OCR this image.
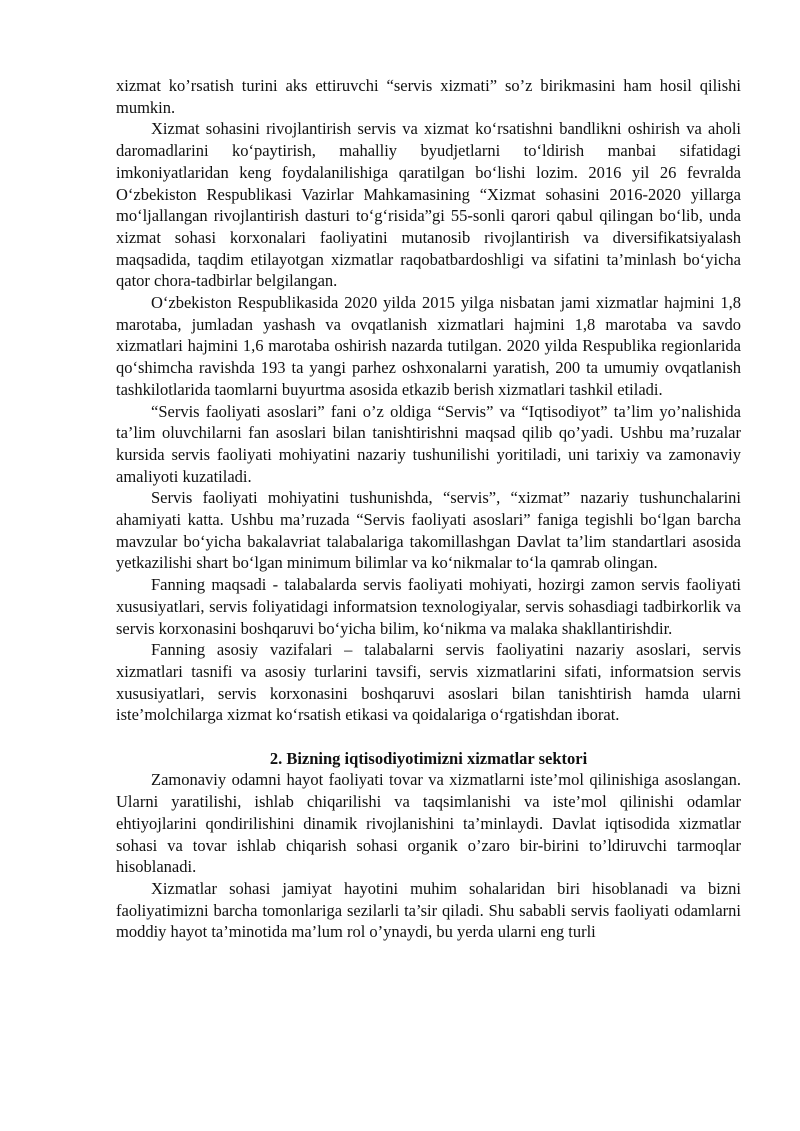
xizmat ko’rsatish turini aks ettiruvchi “servis xizmati” so’z birikmasini ham hosil qilishi mumkin.

Xizmat sohasini rivojlantirish servis va xizmat ko‘rsatishni bandlikni oshirish va aholi daromadlarini ko‘paytirish, mahalliy byudjetlarni to‘ldirish manbai sifatidagi imkoniyatlaridan keng foydalanilishiga qaratilgan bo‘lishi lozim. 2016 yil 26 fevralda O‘zbekiston Respublikasi Vazirlar Mahkamasining “Xizmat sohasini 2016-2020 yillarga mo‘ljallangan rivojlantirish dasturi to‘g‘risida”gi 55-sonli qarori qabul qilingan bo‘lib, unda xizmat sohasi korxonalari faoliyatini mutanosib rivojlantirish va diversifikatsiyalash maqsadida, taqdim etilayotgan xizmatlar raqobatbardoshligi va sifatini ta’minlash bo‘yicha qator chora-tadbirlar belgilangan.

O‘zbekiston Respublikasida 2020 yilda 2015 yilga nisbatan jami xizmatlar hajmini 1,8 marotaba, jumladan yashash va ovqatlanish xizmatlari hajmini 1,8 marotaba va savdo xizmatlari hajmini 1,6 marotaba oshirish nazarda tutilgan. 2020 yilda Respublika regionlarida qo‘shimcha ravishda 193 ta yangi parhez oshxonalarni yaratish, 200 ta umumiy ovqatlanish tashkilotlarida taomlarni buyurtma asosida etkazib berish xizmatlari tashkil etiladi.

“Servis faoliyati asoslari” fani o’z oldiga “Servis” va “Iqtisodiyot” ta’lim yo’nalishida ta’lim oluvchilarni fan asoslari bilan tanishtirishni maqsad qilib qo’yadi. Ushbu ma’ruzalar kursida servis faoliyati mohiyatini nazariy tushunilishi yoritiladi, uni tarixiy va zamonaviy amaliyoti kuzatiladi.

Servis faoliyati mohiyatini tushunishda, “servis”, “xizmat” nazariy tushunchalarini ahamiyati katta. Ushbu ma’ruzada “Servis faoliyati asoslari” faniga tegishli bo‘lgan barcha mavzular bo‘yicha bakalavriat talabalariga takomillashgan Davlat ta’lim standartlari asosida yetkazilishi shart bo‘lgan minimum bilimlar va ko‘nikmalar to‘la qamrab olingan.

Fanning maqsadi - talabalarda servis faoliyati mohiyati, hozirgi zamon servis faoliyati xususiyatlari, servis foliyatidagi informatsion texnologiyalar, servis sohasdiagi tadbirkorlik va servis korxonasini boshqaruvi bo‘yicha bilim, ko‘nikma va malaka shakllantirishdir.

Fanning asosiy vazifalari – talabalarni servis faoliyatini nazariy asoslari, servis xizmatlari tasnifi va asosiy turlarini tavsifi, servis xizmatlarini sifati, informatsion servis xususiyatlari, servis korxonasini boshqaruvi asoslari bilan tanishtirish hamda ularni iste’molchilarga xizmat ko‘rsatish etikasi va qoidalariga o‘rgatishdan iborat.

2. Bizning iqtisodiyotimizni xizmatlar sektori

Zamonaviy odamni hayot faoliyati tovar va xizmatlarni iste’mol qilinishiga asoslangan. Ularni yaratilishi, ishlab chiqarilishi va taqsimlanishi va iste’mol qilinishi odamlar ehtiyojlarini qondirilishini dinamik rivojlanishini ta’minlaydi. Davlat iqtisodida xizmatlar sohasi va tovar ishlab chiqarish sohasi organik o’zaro bir-birini to’ldiruvchi tarmoqlar hisoblanadi.

Xizmatlar sohasi jamiyat hayotini muhim sohalaridan biri hisoblanadi va bizni faoliyatimizni barcha tomonlariga sezilarli ta’sir qiladi. Shu sababli servis faoliyati odamlarni moddiy hayot ta’minotida ma’lum rol o’ynaydi, bu yerda ularni eng turli
